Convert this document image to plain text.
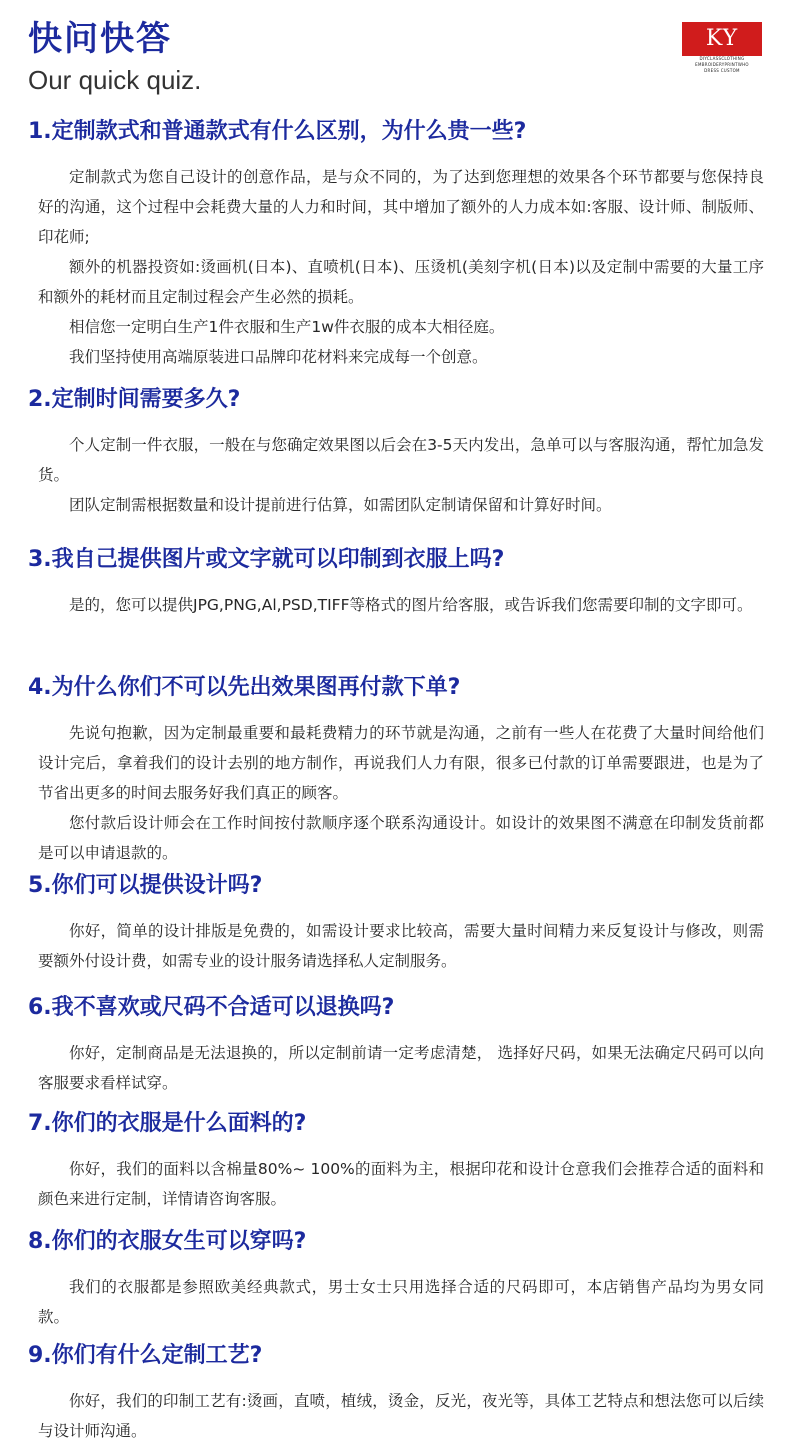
快问快答
Our quick quiz.
KY
DIYCLASSCLOTHING
EMBROIDERYPRINTWHO
DRESS CUSTOM
1.定制款式和普通款式有什么区别，为什么贵一些?
定制款式为您自己设计的创意作品，是与众不同的，为了达到您理想的效果各个环节都要与您保持良好的沟通，这个过程中会耗费大量的人力和时间，其中增加了额外的人力成本如:客服、设计师、制版师、印花师;
额外的机器投资如:烫画机(日本)、直喷机(日本)、压烫机(美刻字机(日本)以及定制中需要的大量工序和额外的耗材而且定制过程会产生必然的损耗。
相信您一定明白生产1件衣服和生产1w件衣服的成本大相径庭。
我们坚持使用高端原装进口品牌印花材料来完成每一个创意。
2.定制时间需要多久?
个人定制一件衣服，一般在与您确定效果图以后会在3-5天内发出，急单可以与客服沟通，帮忙加急发货。
团队定制需根据数量和设计提前进行估算，如需团队定制请保留和计算好时间。
3.我自己提供图片或文字就可以印制到衣服上吗?
是的，您可以提供JPG,PNG,Al,PSD,TIFF等格式的图片给客服，或告诉我们您需要印制的文字即可。
4.为什么你们不可以先出效果图再付款下单?
先说句抱歉，因为定制最重要和最耗费精力的环节就是沟通，之前有一些人在花费了大量时间给他们设计完后，拿着我们的设计去别的地方制作，再说我们人力有限，很多已付款的订单需要跟进，也是为了节省出更多的时间去服务好我们真正的顾客。
您付款后设计师会在工作时间按付款顺序逐个联系沟通设计。如设计的效果图不满意在印制发货前都是可以申请退款的。
5.你们可以提供设计吗?
你好，简单的设计排版是免费的，如需设计要求比较高，需要大量时间精力来反复设计与修改，则需要额外付设计费，如需专业的设计服务请选择私人定制服务。
6.我不喜欢或尺码不合适可以退换吗?
你好，定制商品是无法退换的，所以定制前请一定考虑清楚， 选择好尺码，如果无法确定尺码可以向客服要求看样试穿。
7.你们的衣服是什么面料的?
你好，我们的面料以含棉量80%~ 100%的面料为主，根据印花和设计仓意我们会推荐合适的面料和颜色来进行定制，详情请咨询客服。
8.你们的衣服女生可以穿吗?
我们的衣服都是参照欧美经典款式，男士女士只用选择合适的尺码即可，本店销售产品均为男女同款。
9.你们有什么定制工艺?
你好，我们的印制工艺有:烫画，直喷，植绒，烫金，反光，夜光等，具体工艺特点和想法您可以后续与设计师沟通。
